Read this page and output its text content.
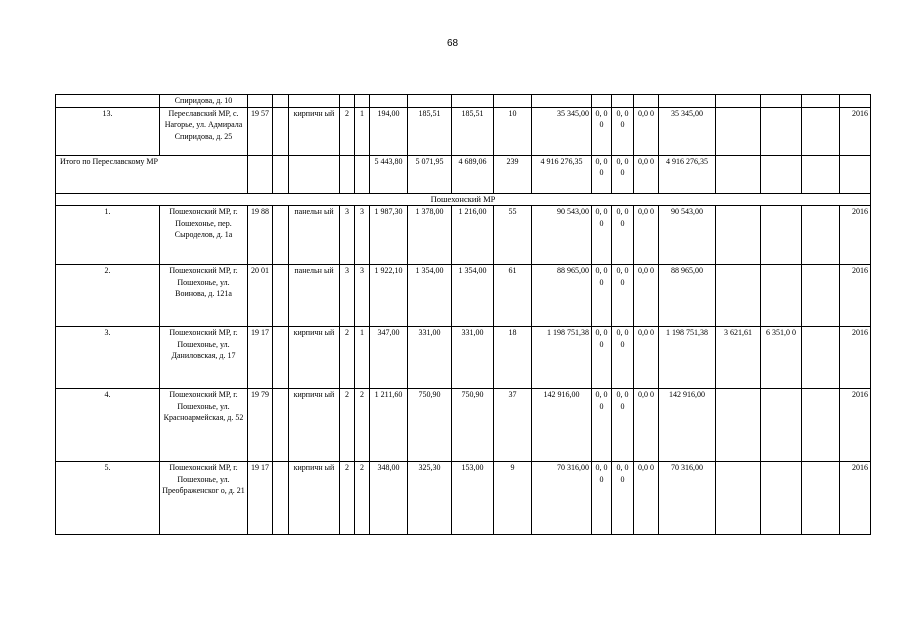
68
	Спиридова, д. 10																		
13.	Переславский МР, с. Нагорье, ул. Адмирала Спиридова, д. 25	19 57		кирпичн ый	2	1	194,00	185,51	185,51	10	35 345,00	0, 0 0	0, 0 0	0,0 0	35 345,00				2016
Итого по Переславскому МР							5 443,80	5 071,95	4 689,06	239	4 916 276,35	0, 0 0	0, 0 0	0,0 0	4 916 276,35				
Пошехонский МР																			
1.	Пошехонский МР, г. Пошехонье, пер. Сыроделов, д. 1а	19 88		панельн ый	3	3	1 987,30	1 378,00	1 216,00	55	90 543,00	0, 0 0	0, 0 0	0,0 0	90 543,00				2016
2.	Пошехонский МР, г. Пошехонье, ул. Воинова, д. 121а	20 01		панельн ый	3	3	1 922,10	1 354,00	1 354,00	61	88 965,00	0, 0 0	0, 0 0	0,0 0	88 965,00				2016
3.	Пошехонский МР, г. Пошехонье, ул. Даниловская, д. 17	19 17		кирпичн ый	2	1	347,00	331,00	331,00	18	1 198 751,38	0, 0 0	0, 0 0	0,0 0	1 198 751,38	3 621,61	6 351,0 0		2016
4.	Пошехонский МР, г. Пошехонье, ул. Красноармейская, д. 52	19 79		кирпичн ый	2	2	1 211,60	750,90	750,90	37	142 916,00	0, 0 0	0, 0 0	0,0 0	142 916,00				2016
5.	Пошехонский МР, г. Пошехонье, ул. Преображенског о, д. 21	19 17		кирпичн ый	2	2	348,00	325,30	153,00	9	70 316,00	0, 0 0	0, 0 0	0,0 0	70 316,00				2016
